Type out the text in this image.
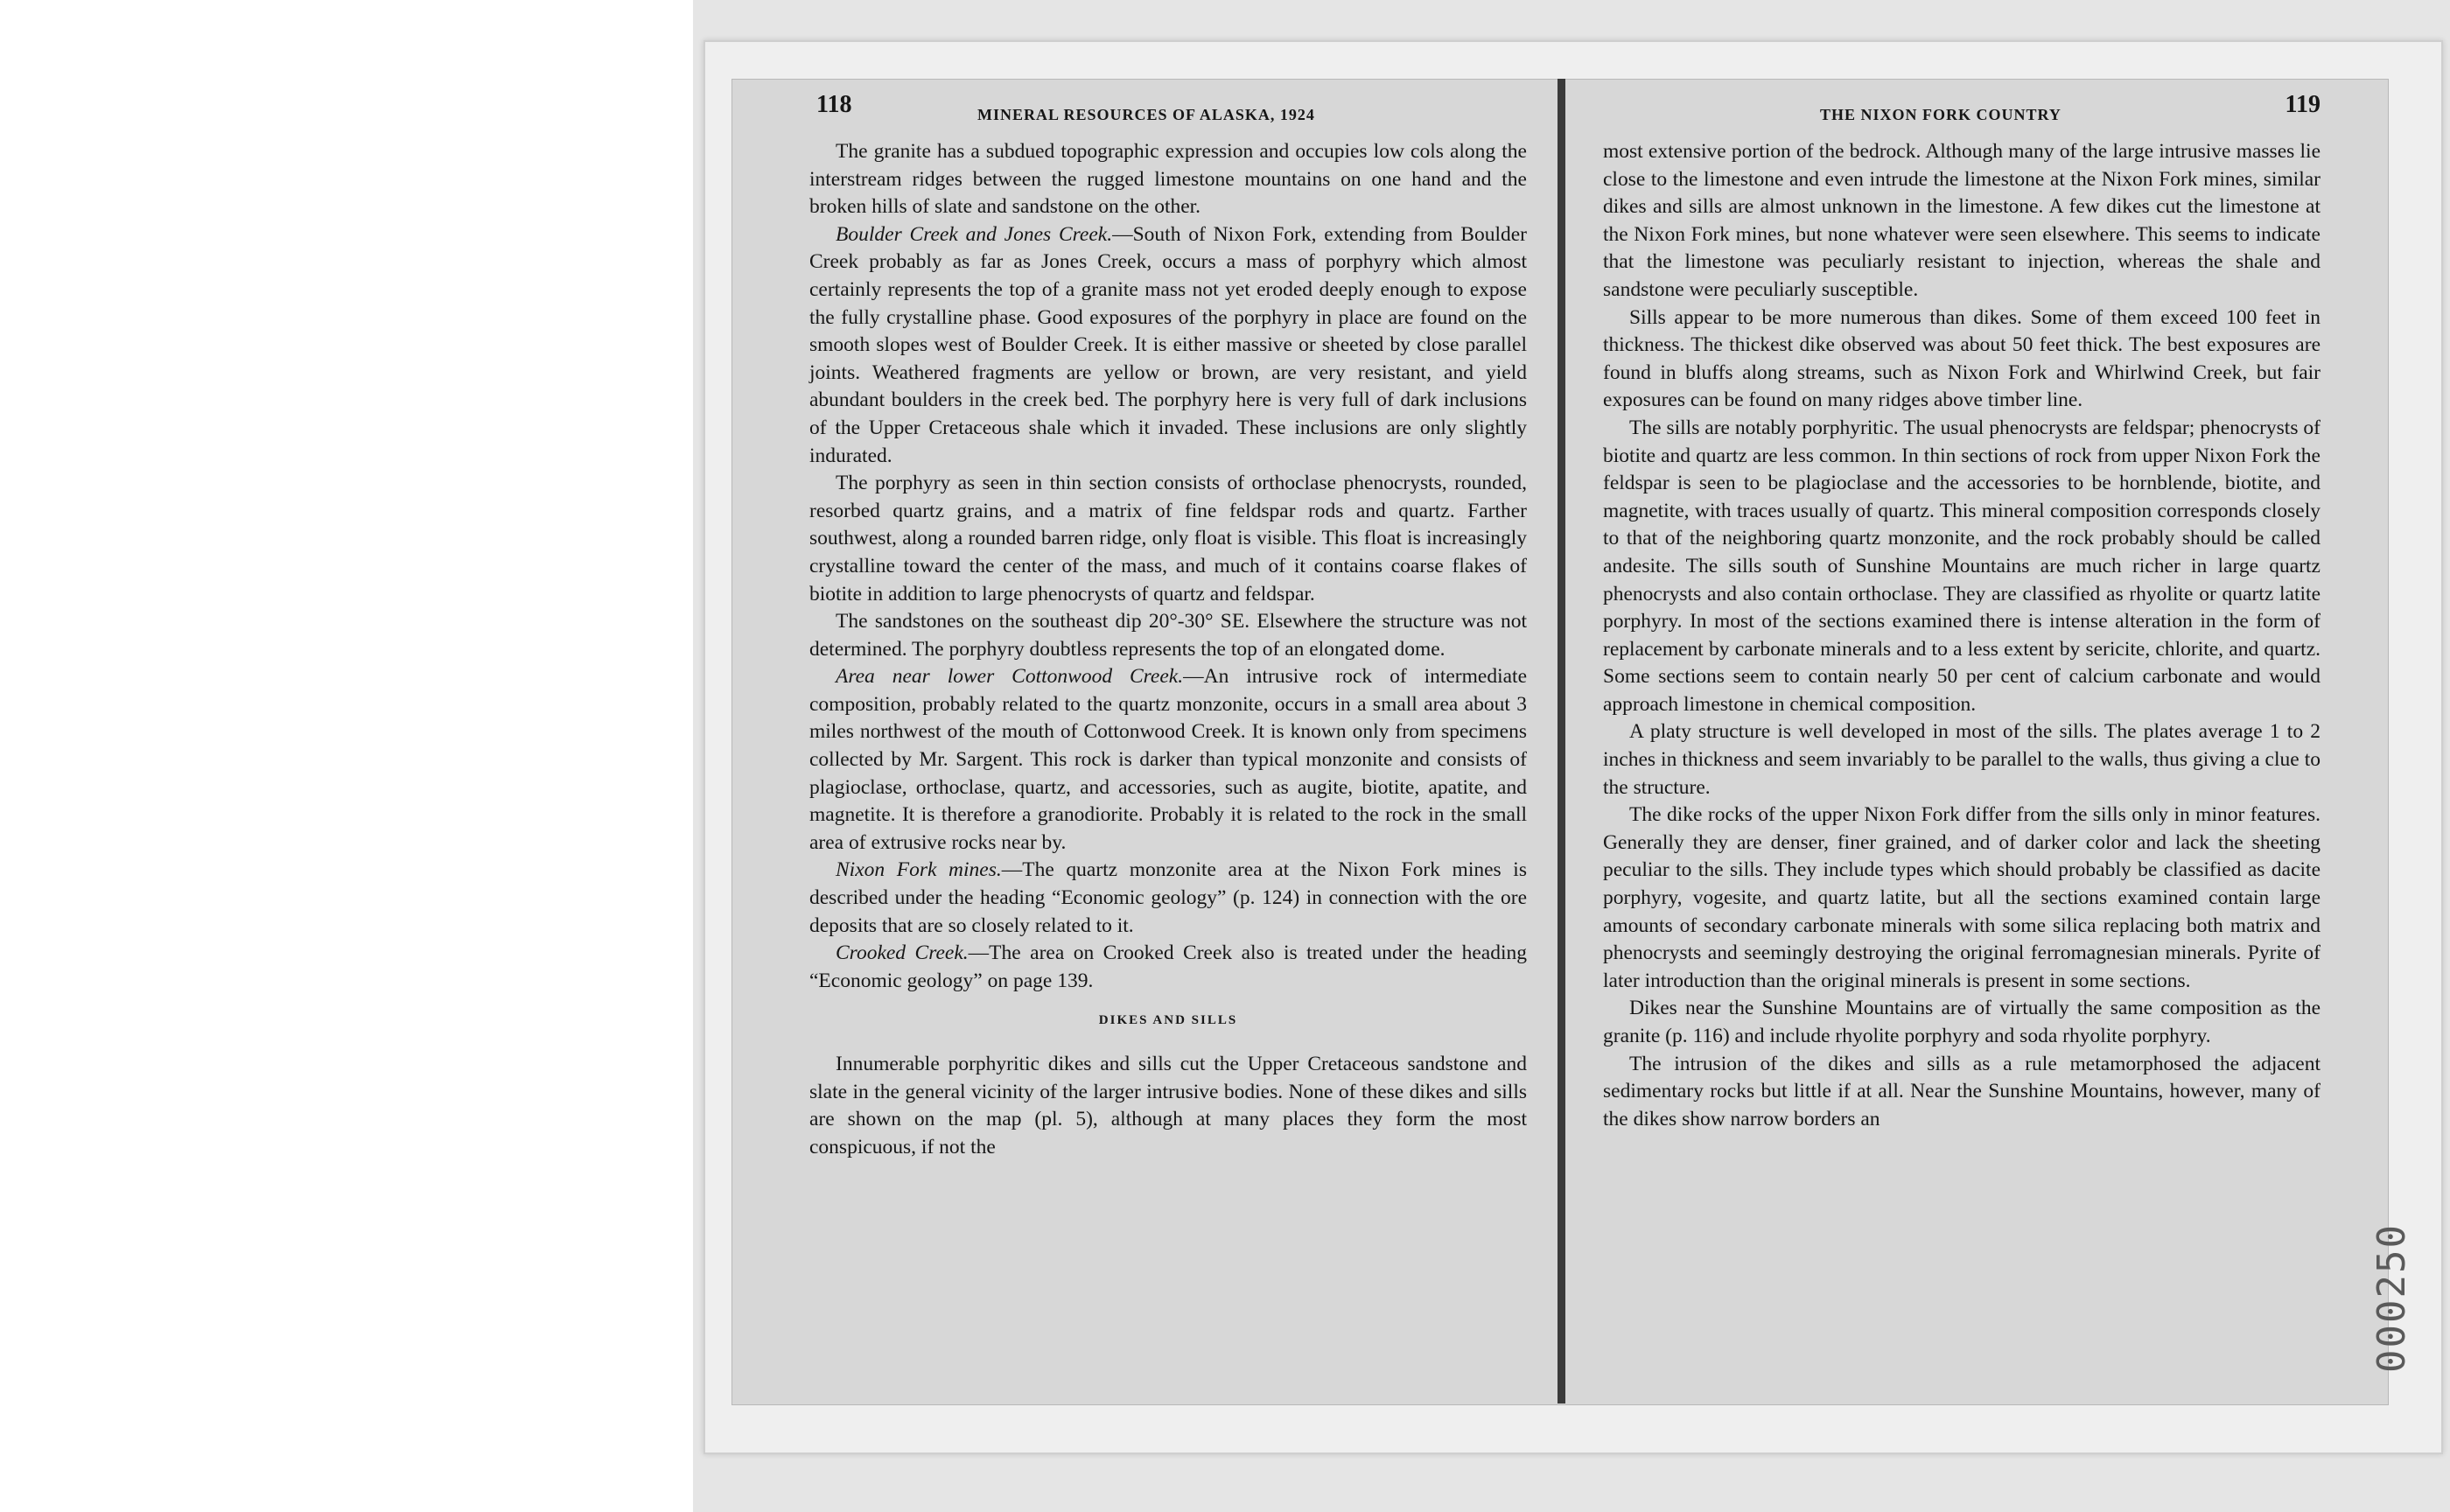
118	MINERAL RESOURCES OF ALASKA, 1924

The granite has a subdued topographic expression and occupies low cols along the interstream ridges between the rugged limestone mountains on one hand and the broken hills of slate and sandstone on the other.

Boulder Creek and Jones Creek.—South of Nixon Fork, extending from Boulder Creek probably as far as Jones Creek, occurs a mass of porphyry which almost certainly represents the top of a granite mass not yet eroded deeply enough to expose the fully crystalline phase. Good exposures of the porphyry in place are found on the smooth slopes west of Boulder Creek. It is either massive or sheeted by close parallel joints. Weathered fragments are yellow or brown, are very resistant, and yield abundant boulders in the creek bed. The porphyry here is very full of dark inclusions of the Upper Cretaceous shale which it invaded. These inclusions are only slightly indurated.

The porphyry as seen in thin section consists of orthoclase phenocrysts, rounded, resorbed quartz grains, and a matrix of fine feldspar rods and quartz. Farther southwest, along a rounded barren ridge, only float is visible. This float is increasingly crystalline toward the center of the mass, and much of it contains coarse flakes of biotite in addition to large phenocrysts of quartz and feldspar.

The sandstones on the southeast dip 20°-30° SE. Elsewhere the structure was not determined. The porphyry doubtless represents the top of an elongated dome.

Area near lower Cottonwood Creek.—An intrusive rock of intermediate composition, probably related to the quartz monzonite, occurs in a small area about 3 miles northwest of the mouth of Cottonwood Creek. It is known only from specimens collected by Mr. Sargent. This rock is darker than typical monzonite and consists of plagioclase, orthoclase, quartz, and accessories, such as augite, biotite, apatite, and magnetite. It is therefore a granodiorite. Probably it is related to the rock in the small area of extrusive rocks near by.

Nixon Fork mines.—The quartz monzonite area at the Nixon Fork mines is described under the heading “Economic geology” (p. 124) in connection with the ore deposits that are so closely related to it.

Crooked Creek.—The area on Crooked Creek also is treated under the heading “Economic geology” on page 139.

DIKES AND SILLS

Innumerable porphyritic dikes and sills cut the Upper Cretaceous sandstone and slate in the general vicinity of the larger intrusive bodies. None of these dikes and sills are shown on the map (pl. 5), although at many places they form the most conspicuous, if not the

THE NIXON FORK COUNTRY	119

most extensive portion of the bedrock. Although many of the large intrusive masses lie close to the limestone and even intrude the limestone at the Nixon Fork mines, similar dikes and sills are almost unknown in the limestone. A few dikes cut the limestone at the Nixon Fork mines, but none whatever were seen elsewhere. This seems to indicate that the limestone was peculiarly resistant to injection, whereas the shale and sandstone were peculiarly susceptible.

Sills appear to be more numerous than dikes. Some of them exceed 100 feet in thickness. The thickest dike observed was about 50 feet thick. The best exposures are found in bluffs along streams, such as Nixon Fork and Whirlwind Creek, but fair exposures can be found on many ridges above timber line.

The sills are notably porphyritic. The usual phenocrysts are feldspar; phenocrysts of biotite and quartz are less common. In thin sections of rock from upper Nixon Fork the feldspar is seen to be plagioclase and the accessories to be hornblende, biotite, and magnetite, with traces usually of quartz. This mineral composition corresponds closely to that of the neighboring quartz monzonite, and the rock probably should be called andesite. The sills south of Sunshine Mountains are much richer in large quartz phenocrysts and also contain orthoclase. They are classified as rhyolite or quartz latite porphyry. In most of the sections examined there is intense alteration in the form of replacement by carbonate minerals and to a less extent by sericite, chlorite, and quartz. Some sections seem to contain nearly 50 per cent of calcium carbonate and would approach limestone in chemical composition.

A platy structure is well developed in most of the sills. The plates average 1 to 2 inches in thickness and seem invariably to be parallel to the walls, thus giving a clue to the structure.

The dike rocks of the upper Nixon Fork differ from the sills only in minor features. Generally they are denser, finer grained, and of darker color and lack the sheeting peculiar to the sills. They include types which should probably be classified as dacite porphyry, vogesite, and quartz latite, but all the sections examined contain large amounts of secondary carbonate minerals with some silica replacing both matrix and phenocrysts and seemingly destroying the original ferromagnesian minerals. Pyrite of later introduction than the original minerals is present in some sections.

Dikes near the Sunshine Mountains are of virtually the same composition as the granite (p. 116) and include rhyolite porphyry and soda rhyolite porphyry.

The intrusion of the dikes and sills as a rule metamorphosed the adjacent sedimentary rocks but little if at all. Near the Sunshine Mountains, however, many of the dikes show narrow borders an

000250
